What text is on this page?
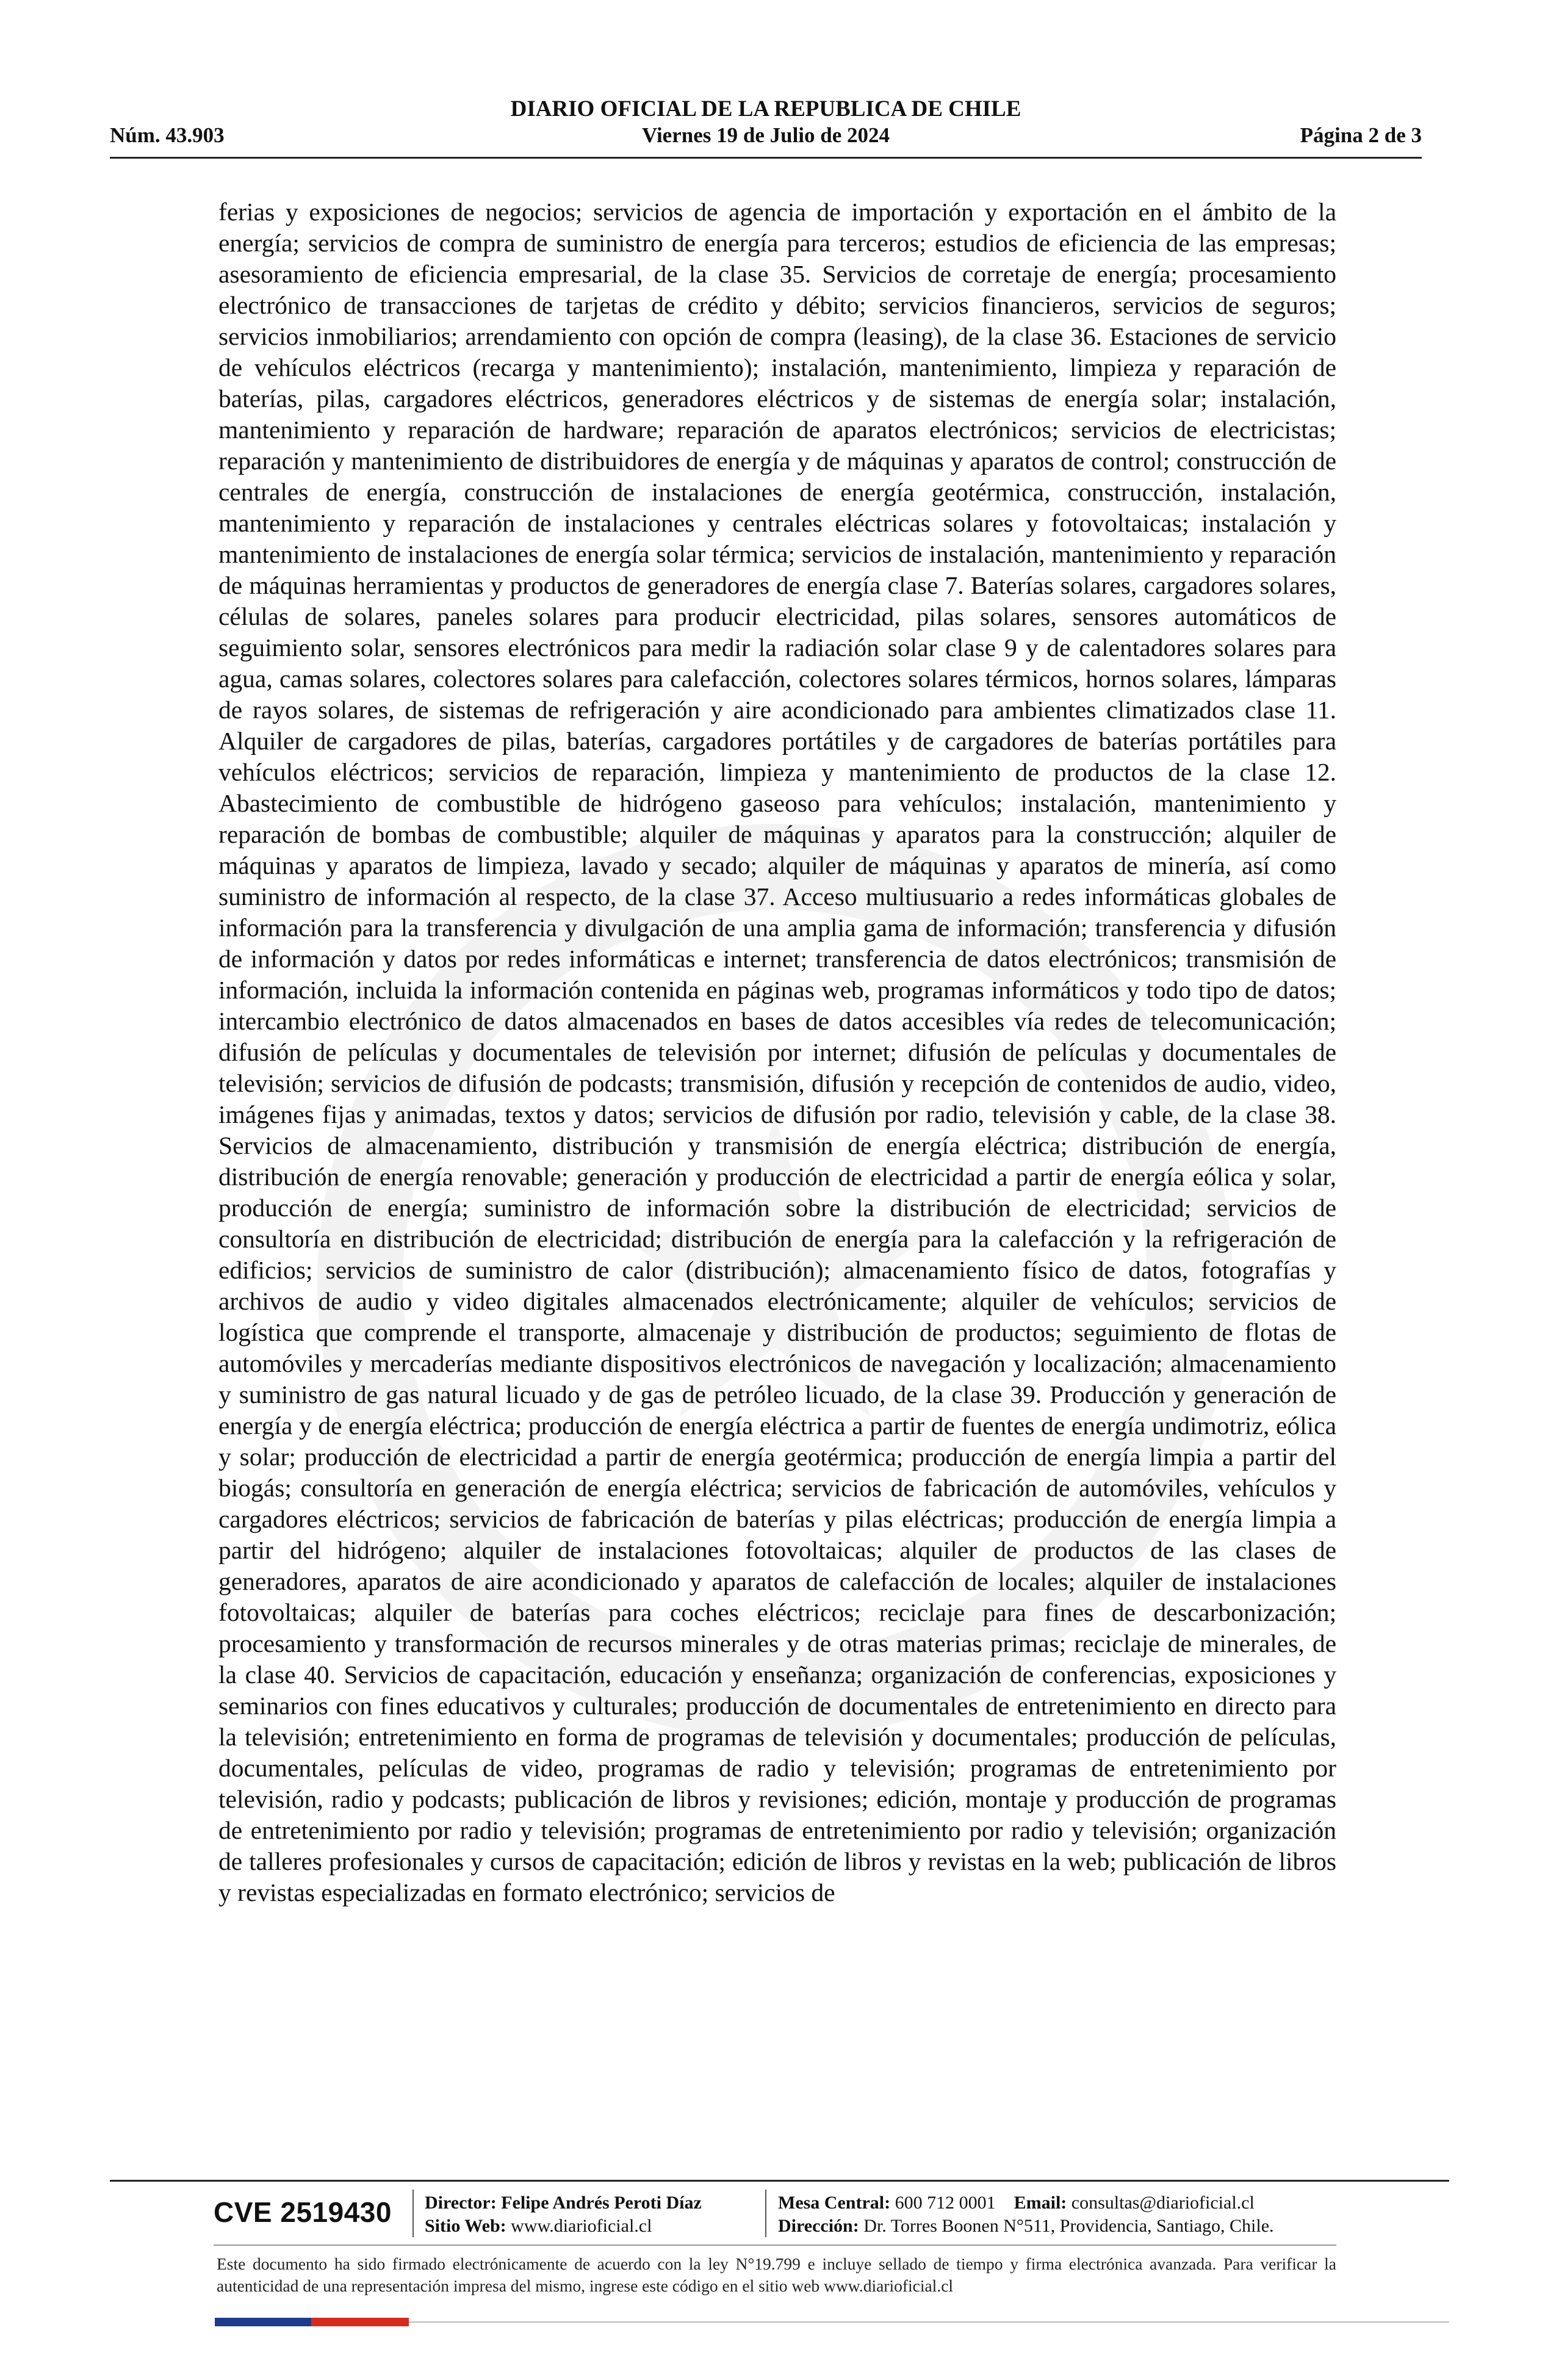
DIARIO OFICIAL DE LA REPUBLICA DE CHILE
Núm. 43.903	Viernes 19 de Julio de 2024	Página 2 de 3

ferias y exposiciones de negocios; servicios de agencia de importación y exportación en el ámbito de la energía; servicios de compra de suministro de energía para terceros; estudios de eficiencia de las empresas; asesoramiento de eficiencia empresarial, de la clase 35. Servicios de corretaje de energía; procesamiento electrónico de transacciones de tarjetas de crédito y débito; servicios financieros, servicios de seguros; servicios inmobiliarios; arrendamiento con opción de compra (leasing), de la clase 36. Estaciones de servicio de vehículos eléctricos (recarga y mantenimiento); instalación, mantenimiento, limpieza y reparación de baterías, pilas, cargadores eléctricos, generadores eléctricos y de sistemas de energía solar; instalación, mantenimiento y reparación de hardware; reparación de aparatos electrónicos; servicios de electricistas; reparación y mantenimiento de distribuidores de energía y de máquinas y aparatos de control; construcción de centrales de energía, construcción de instalaciones de energía geotérmica, construcción, instalación, mantenimiento y reparación de instalaciones y centrales eléctricas solares y fotovoltaicas; instalación y mantenimiento de instalaciones de energía solar térmica; servicios de instalación, mantenimiento y reparación de máquinas herramientas y productos de generadores de energía clase 7. Baterías solares, cargadores solares, células de solares, paneles solares para producir electricidad, pilas solares, sensores automáticos de seguimiento solar, sensores electrónicos para medir la radiación solar clase 9 y de calentadores solares para agua, camas solares, colectores solares para calefacción, colectores solares térmicos, hornos solares, lámparas de rayos solares, de sistemas de refrigeración y aire acondicionado para ambientes climatizados clase 11. Alquiler de cargadores de pilas, baterías, cargadores portátiles y de cargadores de baterías portátiles para vehículos eléctricos; servicios de reparación, limpieza y mantenimiento de productos de la clase 12. Abastecimiento de combustible de hidrógeno gaseoso para vehículos; instalación, mantenimiento y reparación de bombas de combustible; alquiler de máquinas y aparatos para la construcción; alquiler de máquinas y aparatos de limpieza, lavado y secado; alquiler de máquinas y aparatos de minería, así como suministro de información al respecto, de la clase 37. Acceso multiusuario a redes informáticas globales de información para la transferencia y divulgación de una amplia gama de información; transferencia y difusión de información y datos por redes informáticas e internet; transferencia de datos electrónicos; transmisión de información, incluida la información contenida en páginas web, programas informáticos y todo tipo de datos; intercambio electrónico de datos almacenados en bases de datos accesibles vía redes de telecomunicación; difusión de películas y documentales de televisión por internet; difusión de películas y documentales de televisión; servicios de difusión de podcasts; transmisión, difusión y recepción de contenidos de audio, video, imágenes fijas y animadas, textos y datos; servicios de difusión por radio, televisión y cable, de la clase 38. Servicios de almacenamiento, distribución y transmisión de energía eléctrica; distribución de energía, distribución de energía renovable; generación y producción de electricidad a partir de energía eólica y solar, producción de energía; suministro de información sobre la distribución de electricidad; servicios de consultoría en distribución de electricidad; distribución de energía para la calefacción y la refrigeración de edificios; servicios de suministro de calor (distribución); almacenamiento físico de datos, fotografías y archivos de audio y video digitales almacenados electrónicamente; alquiler de vehículos; servicios de logística que comprende el transporte, almacenaje y distribución de productos; seguimiento de flotas de automóviles y mercaderías mediante dispositivos electrónicos de navegación y localización; almacenamiento y suministro de gas natural licuado y de gas de petróleo licuado, de la clase 39. Producción y generación de energía y de energía eléctrica; producción de energía eléctrica a partir de fuentes de energía undimotriz, eólica y solar; producción de electricidad a partir de energía geotérmica; producción de energía limpia a partir del biogás; consultoría en generación de energía eléctrica; servicios de fabricación de automóviles, vehículos y cargadores eléctricos; servicios de fabricación de baterías y pilas eléctricas; producción de energía limpia a partir del hidrógeno; alquiler de instalaciones fotovoltaicas; alquiler de productos de las clases de generadores, aparatos de aire acondicionado y aparatos de calefacción de locales; alquiler de instalaciones fotovoltaicas; alquiler de baterías para coches eléctricos; reciclaje para fines de descarbonización; procesamiento y transformación de recursos minerales y de otras materias primas; reciclaje de minerales, de la clase 40. Servicios de capacitación, educación y enseñanza; organización de conferencias, exposiciones y seminarios con fines educativos y culturales; producción de documentales de entretenimiento en directo para la televisión; entretenimiento en forma de programas de televisión y documentales; producción de películas, documentales, películas de video, programas de radio y televisión; programas de entretenimiento por televisión, radio y podcasts; publicación de libros y revisiones; edición, montaje y producción de programas de entretenimiento por radio y televisión; programas de entretenimiento por radio y televisión; organización de talleres profesionales y cursos de capacitación; edición de libros y revistas en la web; publicación de libros y revistas especializadas en formato electrónico; servicios de

CVE 2519430 Director: Felipe Andrés Peroti Díaz
Sitio Web: www.diarioficial.cl
Mesa Central: 600 712 0001 Email: consultas@diarioficial.cl
Dirección: Dr. Torres Boonen N°511, Providencia, Santiago, Chile.
Este documento ha sido firmado electrónicamente de acuerdo con la ley N°19.799 e incluye sellado de tiempo y firma electrónica avanzada. Para verificar la autenticidad de una representación impresa del mismo, ingrese este código en el sitio web www.diarioficial.cl
